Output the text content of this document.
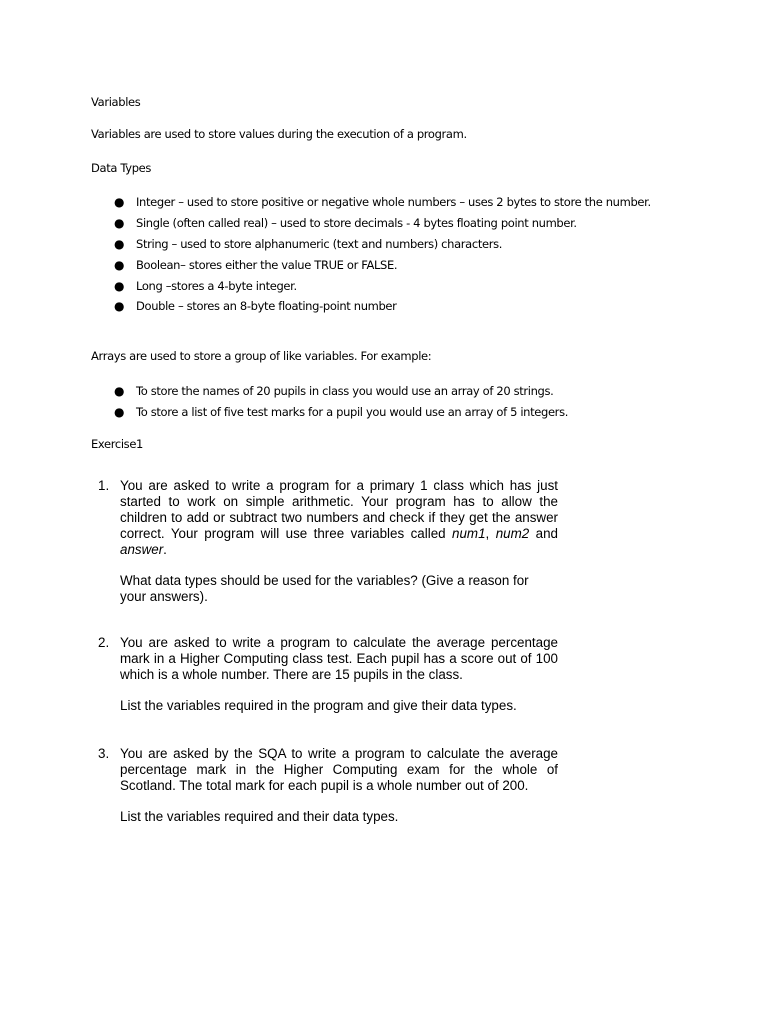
Variables

Variables are used to store values during the execution of a program.

Data Types

● Integer – used to store positive or negative whole numbers – uses 2 bytes to store the number.
● Single (often called real) – used to store decimals - 4 bytes floating point number.
● String – used to store alphanumeric (text and numbers) characters.
● Boolean– stores either the value TRUE or FALSE.
● Long –stores a 4-byte integer.
● Double – stores an 8-byte floating-point number

Arrays are used to store a group of like variables. For example:

● To store the names of 20 pupils in class you would use an array of 20 strings.
● To store a list of five test marks for a pupil you would use an array of 5 integers.

Exercise1

1. You are asked to write a program for a primary 1 class which has just started to work on simple arithmetic. Your program has to allow the children to add or subtract two numbers and check if they get the answer correct. Your program will use three variables called num1, num2 and answer.
What data types should be used for the variables? (Give a reason for your answers).
2. You are asked to write a program to calculate the average percentage mark in a Higher Computing class test. Each pupil has a score out of 100 which is a whole number. There are 15 pupils in the class.
List the variables required in the program and give their data types.
3. You are asked by the SQA to write a program to calculate the average percentage mark in the Higher Computing exam for the whole of Scotland. The total mark for each pupil is a whole number out of 200.
List the variables required and their data types.
